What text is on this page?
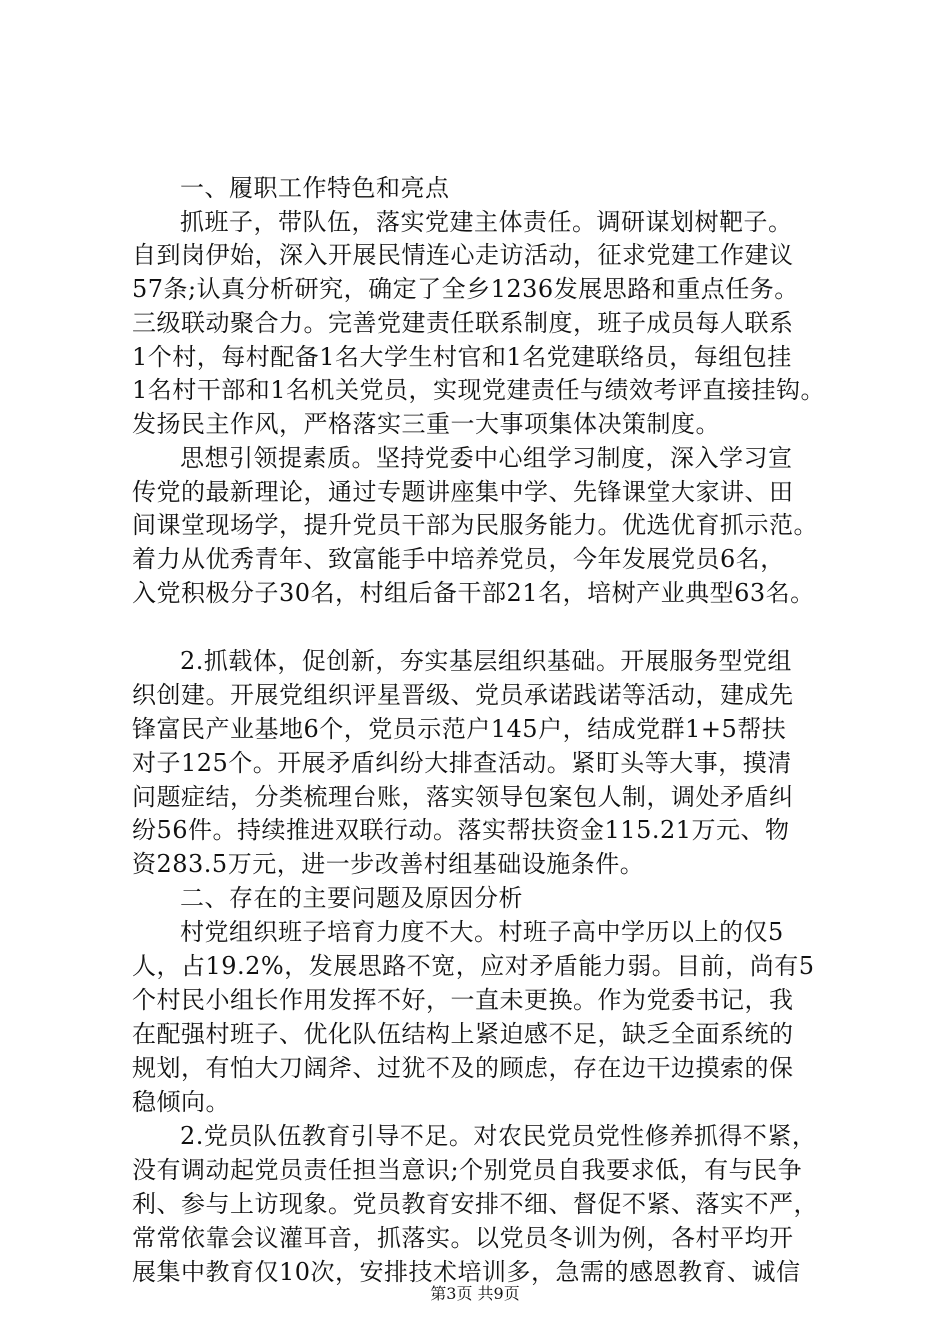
一、履职工作特色和亮点
抓班子，带队伍，落实党建主体责任。调研谋划树靶子。
自到岗伊始，深入开展民情连心走访活动，征求党建工作建议
57条;认真分析研究，确定了全乡1236发展思路和重点任务。
三级联动聚合力。完善党建责任联系制度，班子成员每人联系
1个村，每村配备1名大学生村官和1名党建联络员，每组包挂
1名村干部和1名机关党员，实现党建责任与绩效考评直接挂钩。
发扬民主作风，严格落实三重一大事项集体决策制度。
思想引领提素质。坚持党委中心组学习制度，深入学习宣
传党的最新理论，通过专题讲座集中学、先锋课堂大家讲、田
间课堂现场学，提升党员干部为民服务能力。优选优育抓示范。
着力从优秀青年、致富能手中培养党员，今年发展党员6名，
入党积极分子30名，村组后备干部21名，培树产业典型63名。
2.抓载体，促创新，夯实基层组织基础。开展服务型党组
织创建。开展党组织评星晋级、党员承诺践诺等活动，建成先
锋富民产业基地6个，党员示范户145户，结成党群1+5帮扶
对子125个。开展矛盾纠纷大排查活动。紧盯头等大事，摸清
问题症结，分类梳理台账，落实领导包案包人制，调处矛盾纠
纷56件。持续推进双联行动。落实帮扶资金115.21万元、物
资283.5万元，进一步改善村组基础设施条件。
二、存在的主要问题及原因分析
村党组织班子培育力度不大。村班子高中学历以上的仅5
人，占19.2%，发展思路不宽，应对矛盾能力弱。目前，尚有5
个村民小组长作用发挥不好，一直未更换。作为党委书记，我
在配强村班子、优化队伍结构上紧迫感不足，缺乏全面系统的
规划，有怕大刀阔斧、过犹不及的顾虑，存在边干边摸索的保
稳倾向。
2.党员队伍教育引导不足。对农民党员党性修养抓得不紧，
没有调动起党员责任担当意识;个别党员自我要求低，有与民争
利、参与上访现象。党员教育安排不细、督促不紧、落实不严，
常常依靠会议灌耳音，抓落实。以党员冬训为例，各村平均开
展集中教育仅10次，安排技术培训多，急需的感恩教育、诚信
第3页 共9页
